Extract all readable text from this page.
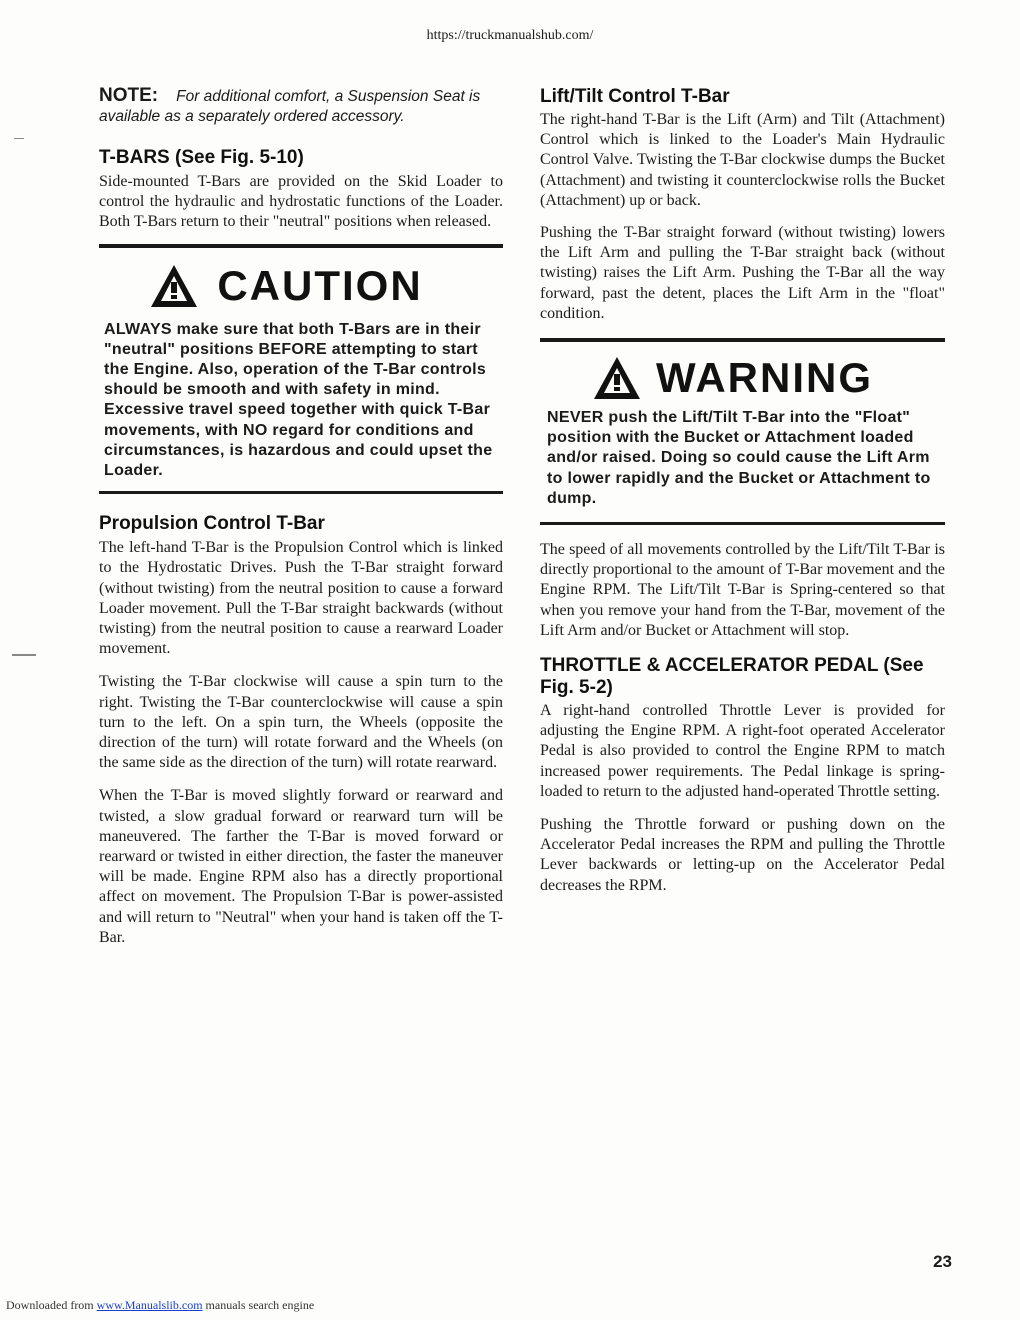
https://truckmanualshub.com/

NOTE: For additional comfort, a Suspension Seat is available as a separately ordered accessory.

T-BARS (See Fig. 5-10)

Side-mounted T-Bars are provided on the Skid Loader to control the hydraulic and hydrostatic functions of the Loader. Both T-Bars return to their "neutral" positions when released.

CAUTION

ALWAYS make sure that both T-Bars are in their "neutral" positions BEFORE attempting to start the Engine. Also, operation of the T-Bar controls should be smooth and with safety in mind. Excessive travel speed together with quick T-Bar movements, with NO regard for conditions and circumstances, is hazardous and could upset the Loader.

Propulsion Control T-Bar

The left-hand T-Bar is the Propulsion Control which is linked to the Hydrostatic Drives. Push the T-Bar straight forward (without twisting) from the neutral position to cause a forward Loader movement. Pull the T-Bar straight backwards (without twisting) from the neutral position to cause a rearward Loader movement.

Twisting the T-Bar clockwise will cause a spin turn to the right. Twisting the T-Bar counterclockwise will cause a spin turn to the left. On a spin turn, the Wheels (opposite the direction of the turn) will rotate forward and the Wheels (on the same side as the direction of the turn) will rotate rearward.

When the T-Bar is moved slightly forward or rearward and twisted, a slow gradual forward or rearward turn will be maneuvered. The farther the T-Bar is moved forward or rearward or twisted in either direction, the faster the maneuver will be made. Engine RPM also has a directly proportional affect on movement. The Propulsion T-Bar is power-assisted and will return to "Neutral" when your hand is taken off the T-Bar.

Lift/Tilt Control T-Bar

The right-hand T-Bar is the Lift (Arm) and Tilt (Attachment) Control which is linked to the Loader's Main Hydraulic Control Valve. Twisting the T-Bar clockwise dumps the Bucket (Attachment) and twisting it counterclockwise rolls the Bucket (Attachment) up or back.

Pushing the T-Bar straight forward (without twisting) lowers the Lift Arm and pulling the T-Bar straight back (without twisting) raises the Lift Arm. Pushing the T-Bar all the way forward, past the detent, places the Lift Arm in the "float" condition.

WARNING

NEVER push the Lift/Tilt T-Bar into the "Float" position with the Bucket or Attachment loaded and/or raised. Doing so could cause the Lift Arm to lower rapidly and the Bucket or Attachment to dump.

The speed of all movements controlled by the Lift/Tilt T-Bar is directly proportional to the amount of T-Bar movement and the Engine RPM. The Lift/Tilt T-Bar is Spring-centered so that when you remove your hand from the T-Bar, movement of the Lift Arm and/or Bucket or Attachment will stop.

THROTTLE & ACCELERATOR PEDAL (See Fig. 5-2)

A right-hand controlled Throttle Lever is provided for adjusting the Engine RPM. A right-foot operated Accelerator Pedal is also provided to control the Engine RPM to match increased power requirements. The Pedal linkage is spring-loaded to return to the adjusted hand-operated Throttle setting.

Pushing the Throttle forward or pushing down on the Accelerator Pedal increases the RPM and pulling the Throttle Lever backwards or letting-up on the Accelerator Pedal decreases the RPM.

23
Downloaded from www.Manualslib.com manuals search engine
